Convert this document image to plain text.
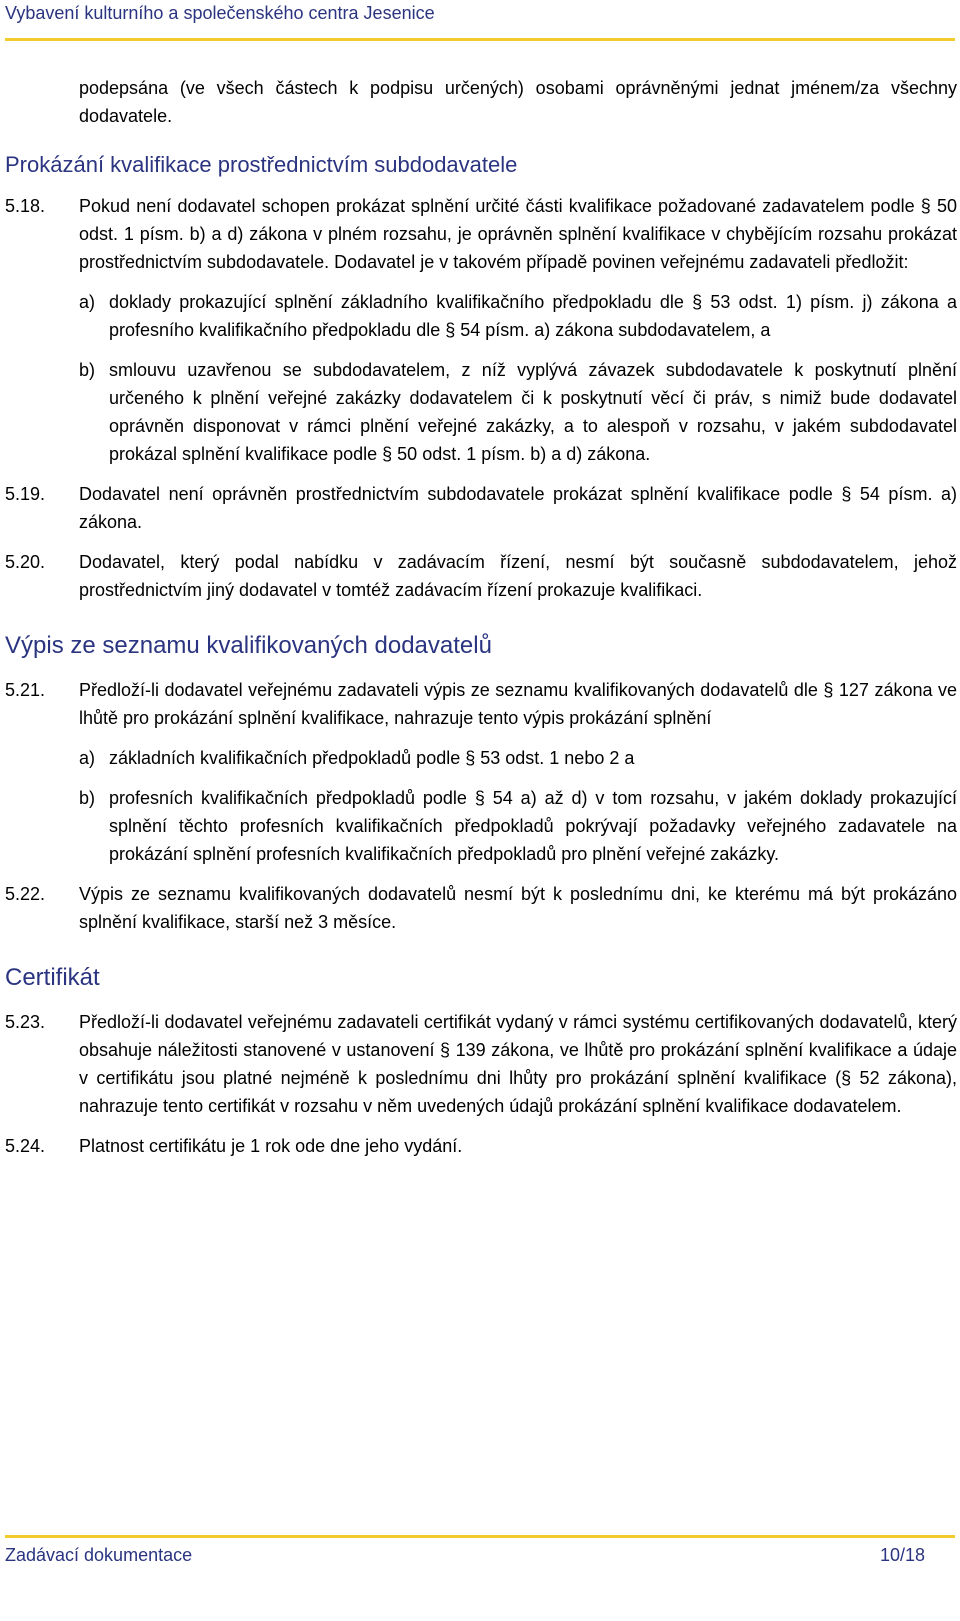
Vybavení kulturního a společenského centra Jesenice

podepsána (ve všech částech k podpisu určených) osobami oprávněnými jednat jménem/za všechny dodavatele.

Prokázání kvalifikace prostřednictvím subdodavatele
5.18.	Pokud není dodavatel schopen prokázat splnění určité části kvalifikace požadované zadavatelem podle § 50 odst. 1 písm. b) a d) zákona v plném rozsahu, je oprávněn splnění kvalifikace v chybějícím rozsahu prokázat prostřednictvím subdodavatele. Dodavatel je v takovém případě povinen veřejnému zadavateli předložit:
a) doklady prokazující splnění základního kvalifikačního předpokladu dle § 53 odst. 1) písm. j) zákona a profesního kvalifikačního předpokladu dle § 54 písm. a) zákona subdodavatelem, a
b) smlouvu uzavřenou se subdodavatelem, z níž vyplývá závazek subdodavatele k poskytnutí plnění určeného k plnění veřejné zakázky dodavatelem či k poskytnutí věcí či práv, s nimiž bude dodavatel oprávněn disponovat v rámci plnění veřejné zakázky, a to alespoň v rozsahu, v jakém subdodavatel prokázal splnění kvalifikace podle § 50 odst. 1 písm. b) a d) zákona.
5.19.	Dodavatel není oprávněn prostřednictvím subdodavatele prokázat splnění kvalifikace podle § 54 písm. a) zákona.
5.20.	Dodavatel, který podal nabídku v zadávacím řízení, nesmí být současně subdodavatelem, jehož prostřednictvím jiný dodavatel v tomtéž zadávacím řízení prokazuje kvalifikaci.
Výpis ze seznamu kvalifikovaných dodavatelů
5.21.	Předloží-li dodavatel veřejnému zadavateli výpis ze seznamu kvalifikovaných dodavatelů dle § 127 zákona ve lhůtě pro prokázání splnění kvalifikace, nahrazuje tento výpis prokázání splnění
a) základních kvalifikačních předpokladů podle § 53 odst. 1 nebo 2 a
b) profesních kvalifikačních předpokladů podle § 54 a) až d) v tom rozsahu, v jakém doklady prokazující splnění těchto profesních kvalifikačních předpokladů pokrývají požadavky veřejného zadavatele na prokázání splnění profesních kvalifikačních předpokladů pro plnění veřejné zakázky.
5.22.	Výpis ze seznamu kvalifikovaných dodavatelů nesmí být k poslednímu dni, ke kterému má být prokázáno splnění kvalifikace, starší než 3 měsíce.
Certifikát
5.23.	Předloží-li dodavatel veřejnému zadavateli certifikát vydaný v rámci systému certifikovaných dodavatelů, který obsahuje náležitosti stanovené v ustanovení § 139 zákona, ve lhůtě pro prokázání splnění kvalifikace a údaje v certifikátu jsou platné nejméně k poslednímu dni lhůty pro prokázání splnění kvalifikace (§ 52 zákona), nahrazuje tento certifikát v rozsahu v něm uvedených údajů prokázání splnění kvalifikace dodavatelem.
5.24.	Platnost certifikátu je 1 rok ode dne jeho vydání.
Zadávací dokumentace	10/18
